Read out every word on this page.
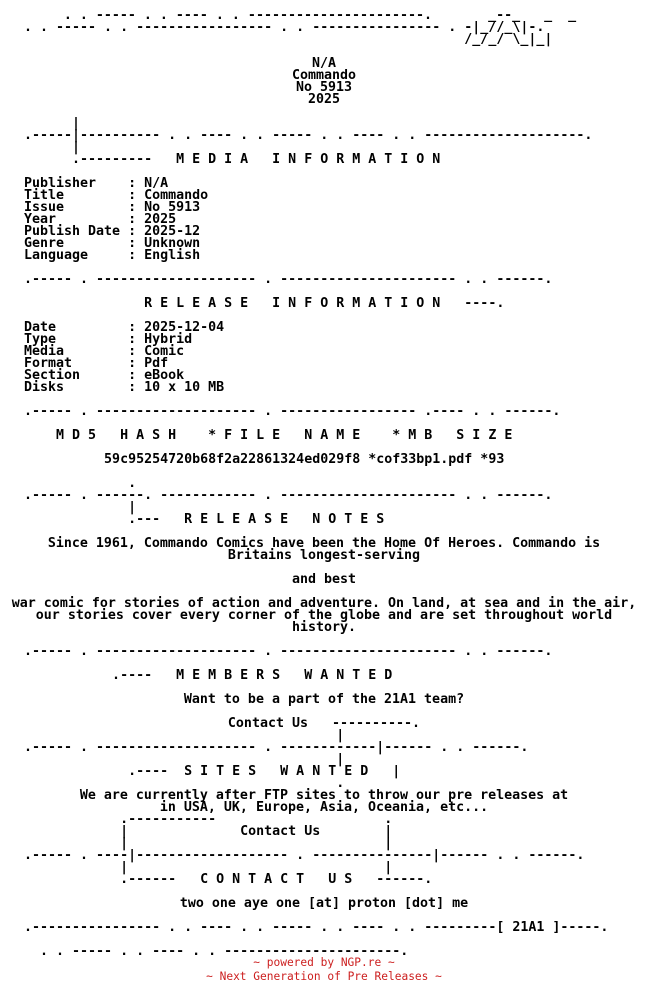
. . ----- . . ---- . . ----------------------.       _--_   _  _
. . ----- . . ----------------- . . ---------------- . -|_//_\|-.
/_/_/ \_|_|
N/A
Commando
No 5913
2025
|
.-----|---------- . . ---- . . ----- . . ---- . . --------------------.
|
.---------   M E D I A   I N F O R M A T I O N
Publisher    : N/A
Title        : Commando
Issue        : No 5913
Year         : 2025
Publish Date : 2025-12
Genre        : Unknown
Language     : English
.----- . -------------------- . ---------------------- . . ------.
R E L E A S E   I N F O R M A T I O N   ----.
Date         : 2025-12-04
Type         : Hybrid
Media        : Comic
Format       : Pdf
Section      : eBook
Disks        : 10 x 10 MB
.----- . -------------------- . ----------------- .---- . . ------.
M D 5   H A S H    * F I L E   N A M E    * M B   S I Z E
59c95254720b68f2a22861324ed029f8 *cof33bp1.pdf *93
.
.----- . ------. ------------ . ---------------------- . . ------.
|
.---   R E L E A S E   N O T E S
Since 1961, Commando Comics have been the Home Of Heroes. Commando is
Britains longest-serving
and best
war comic for stories of action and adventure. On land, at sea and in the air,
our stories cover every corner of the globe and are set throughout world
history.
.----- . -------------------- . ---------------------- . . ------.
.----   M E M B E R S   W A N T E D
Want to be a part of the 21A1 team?
Contact Us   ----------.
|
.----- . -------------------- . ------------|------ . . ------.
|
.----  S I T E S   W A N T E D   |
.
We are currently after FTP sites to throw our pre releases at
in USA, UK, Europe, Asia, Oceania, etc...
.-----------                     .
|              Contact Us        |
|                                |
.----- . ----|------------------- . ---------------|------ . . ------.
|                                |
.------   C O N T A C T   U S   ------.
two one aye one [at] proton [dot] me
.---------------- . . ---- . . ----- . . ---- . . ---------[ 21A1 ]-----.
. . ----- . . ---- . . ----------------------.
~ powered by NGP.re ~
~ Next Generation of Pre Releases ~
